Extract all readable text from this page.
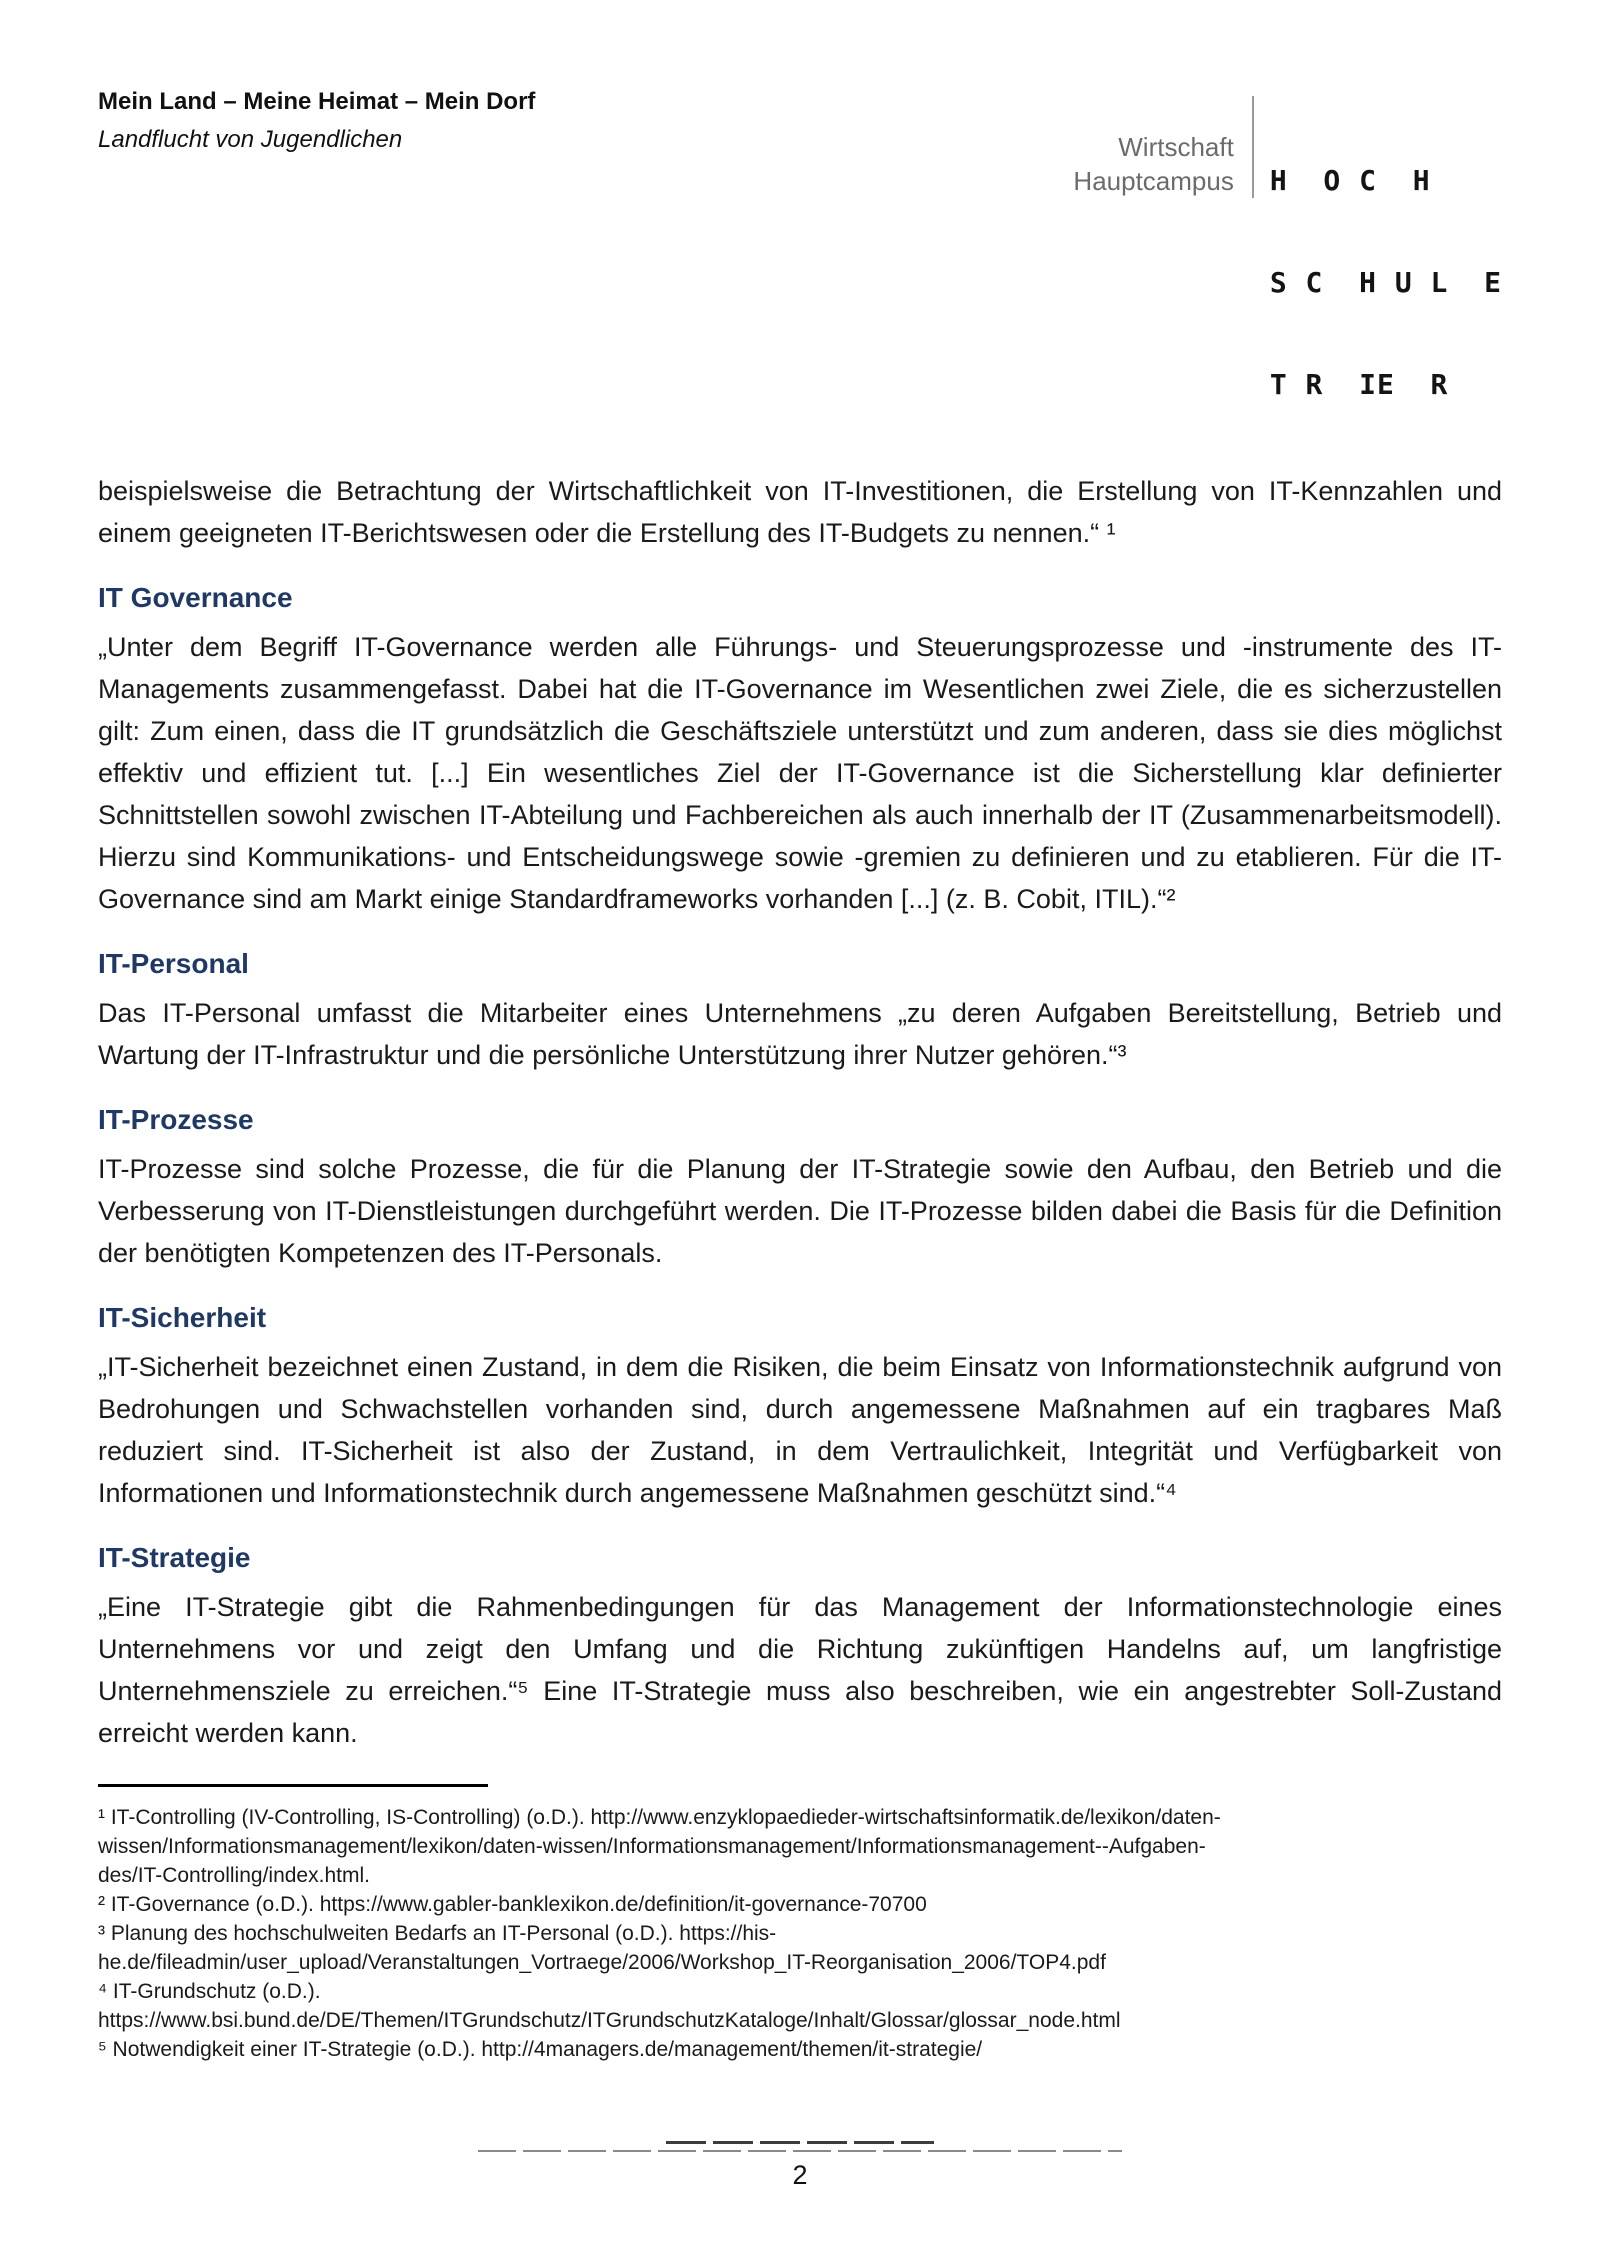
Mein Land – Meine Heimat – Mein Dorf
Landflucht von Jugendlichen	Wirtschaft
Hauptcampus

H  O C  H

S C  H U L  E

T R  IE  R

beispielsweise die Betrachtung der Wirtschaftlichkeit von IT-Investitionen, die Erstellung von IT-Kennzahlen und einem geeigneten IT-Berichtswesen oder die Erstellung des IT-Budgets zu nennen.“ ¹

IT Governance

„Unter dem Begriff IT-Governance werden alle Führungs- und Steuerungsprozesse und -instrumente des IT-Managements zusammengefasst. Dabei hat die IT-Governance im Wesentlichen zwei Ziele, die es sicherzustellen gilt: Zum einen, dass die IT grundsätzlich die Geschäftsziele unterstützt und zum anderen, dass sie dies möglichst effektiv und effizient tut. [...] Ein wesentliches Ziel der IT-Governance ist die Sicherstellung klar definierter Schnittstellen sowohl zwischen IT-Abteilung und Fachbereichen als auch innerhalb der IT (Zusammenarbeitsmodell). Hierzu sind Kommunikations- und Entscheidungswege sowie -gremien zu definieren und zu etablieren. Für die IT-Governance sind am Markt einige Standardframeworks vorhanden [...] (z. B. Cobit, ITIL).“²

IT-Personal

Das IT-Personal umfasst die Mitarbeiter eines Unternehmens „zu deren Aufgaben Bereitstellung, Betrieb und Wartung der IT-Infrastruktur und die persönliche Unterstützung ihrer Nutzer gehören.“³

IT-Prozesse

IT-Prozesse sind solche Prozesse, die für die Planung der IT-Strategie sowie den Aufbau, den Betrieb und die Verbesserung von IT-Dienstleistungen durchgeführt werden. Die IT-Prozesse bilden dabei die Basis für die Definition der benötigten Kompetenzen des IT-Personals.

IT-Sicherheit

„IT-Sicherheit bezeichnet einen Zustand, in dem die Risiken, die beim Einsatz von Informationstechnik aufgrund von Bedrohungen und Schwachstellen vorhanden sind, durch angemessene Maßnahmen auf ein tragbares Maß reduziert sind. IT-Sicherheit ist also der Zustand, in dem Vertraulichkeit, Integrität und Verfügbarkeit von Informationen und Informationstechnik durch angemessene Maßnahmen geschützt sind.“⁴

IT-Strategie

„Eine IT-Strategie gibt die Rahmenbedingungen für das Management der Informationstechnologie eines Unternehmens vor und zeigt den Umfang und die Richtung zukünftigen Handelns auf, um langfristige Unternehmensziele zu erreichen.“⁵ Eine IT-Strategie muss also beschreiben, wie ein angestrebter Soll-Zustand erreicht werden kann.

¹ IT-Controlling (IV-Controlling, IS-Controlling) (o.D.). http://www.enzyklopaedieder-wirtschaftsinformatik.de/lexikon/daten-
wissen/Informationsmanagement/lexikon/daten-wissen/Informationsmanagement/Informationsmanagement--Aufgaben-
des/IT-Controlling/index.html.
² IT-Governance (o.D.). https://www.gabler-banklexikon.de/definition/it-governance-70700
³ Planung des hochschulweiten Bedarfs an IT-Personal (o.D.). https://his-
he.de/fileadmin/user_upload/Veranstaltungen_Vortraege/2006/Workshop_IT-Reorganisation_2006/TOP4.pdf
⁴ IT-Grundschutz (o.D.).
https://www.bsi.bund.de/DE/Themen/ITGrundschutz/ITGrundschutzKataloge/Inhalt/Glossar/glossar_node.html
⁵ Notwendigkeit einer IT-Strategie (o.D.). http://4managers.de/management/themen/it-strategie/
2
